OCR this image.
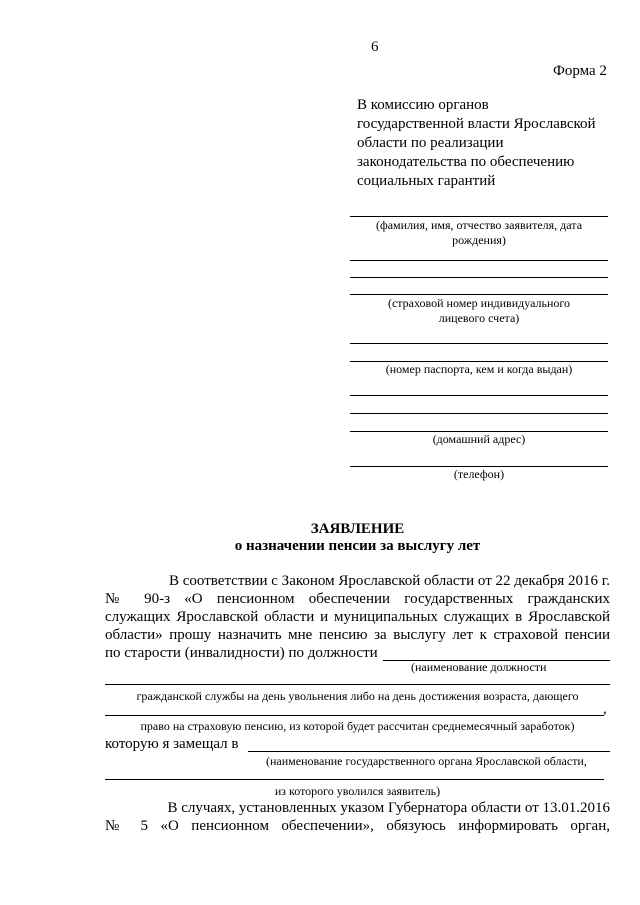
6
Форма 2
В комиссию органов
государственной власти Ярославской
области по реализации
законодательства по обеспечению
социальных гарантий
(фамилия, имя, отчество заявителя, дата
рождения)
(страховой номер индивидуального
лицевого счета)
(номер паспорта, кем и когда выдан)
(домашний адрес)
(телефон)
ЗАЯВЛЕНИЕ
о назначении пенсии за выслугу лет
В соответствии с Законом Ярославской области от 22 декабря 2016 г.
№ 90-з «О пенсионном обеспечении государственных гражданских
служащих Ярославской области и муниципальных служащих в Ярославской
области» прошу назначить мне пенсию за выслугу лет к страховой пенсии
по старости (инвалидности) по должности
(наименование должности
гражданской службы на день увольнения либо на день достижения возраста, дающего
,
право на страховую пенсию, из которой будет рассчитан среднемесячный заработок)
которую я замещал в
(наименование государственного органа Ярославской области,
из которого уволился заявитель)
В случаях, установленных указом Губернатора области от 13.01.2016
№ 5 «О пенсионном обеспечении», обязуюсь информировать орган,
